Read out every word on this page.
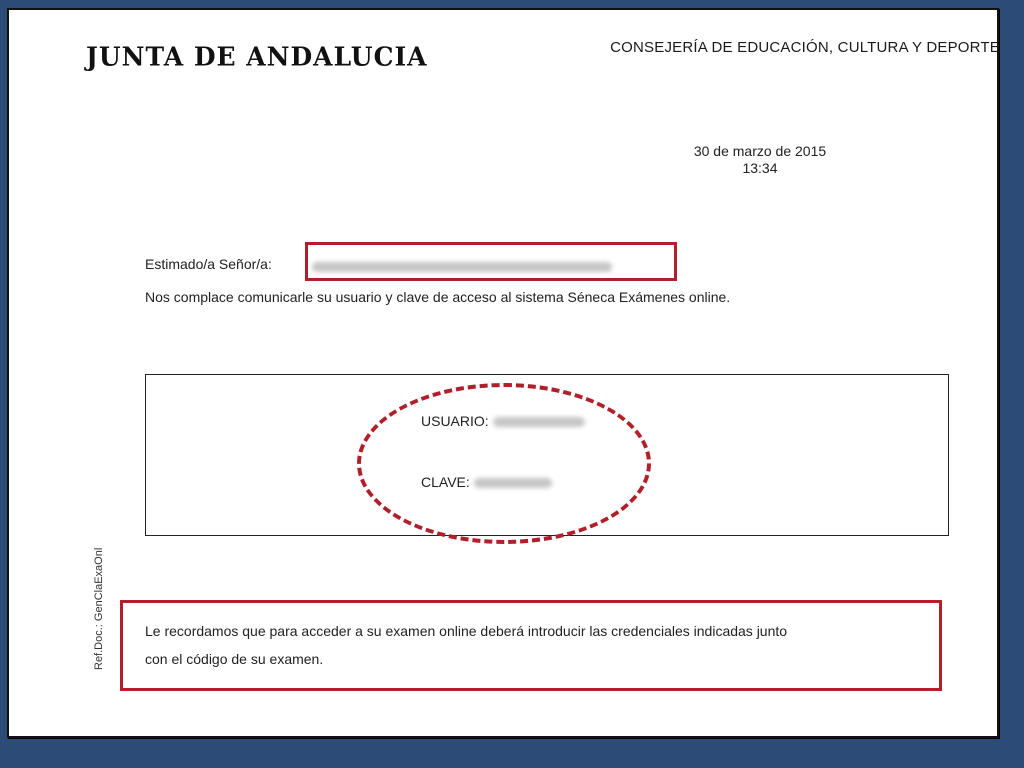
JUNTA DE ANDALUCIA	CONSEJERÍA DE EDUCACIÓN, CULTURA Y DEPORTE
30 de marzo de 2015
13:34
Estimado/a Señor/a:
Nos complace comunicarle su usuario y clave de acceso al sistema Séneca Exámenes online.
USUARIO:
CLAVE:
Ref.Doc.: GenClaExaOnl	Le recordamos que para acceder a su examen online deberá introducir las credenciales indicadas junto
con el código de su examen.
